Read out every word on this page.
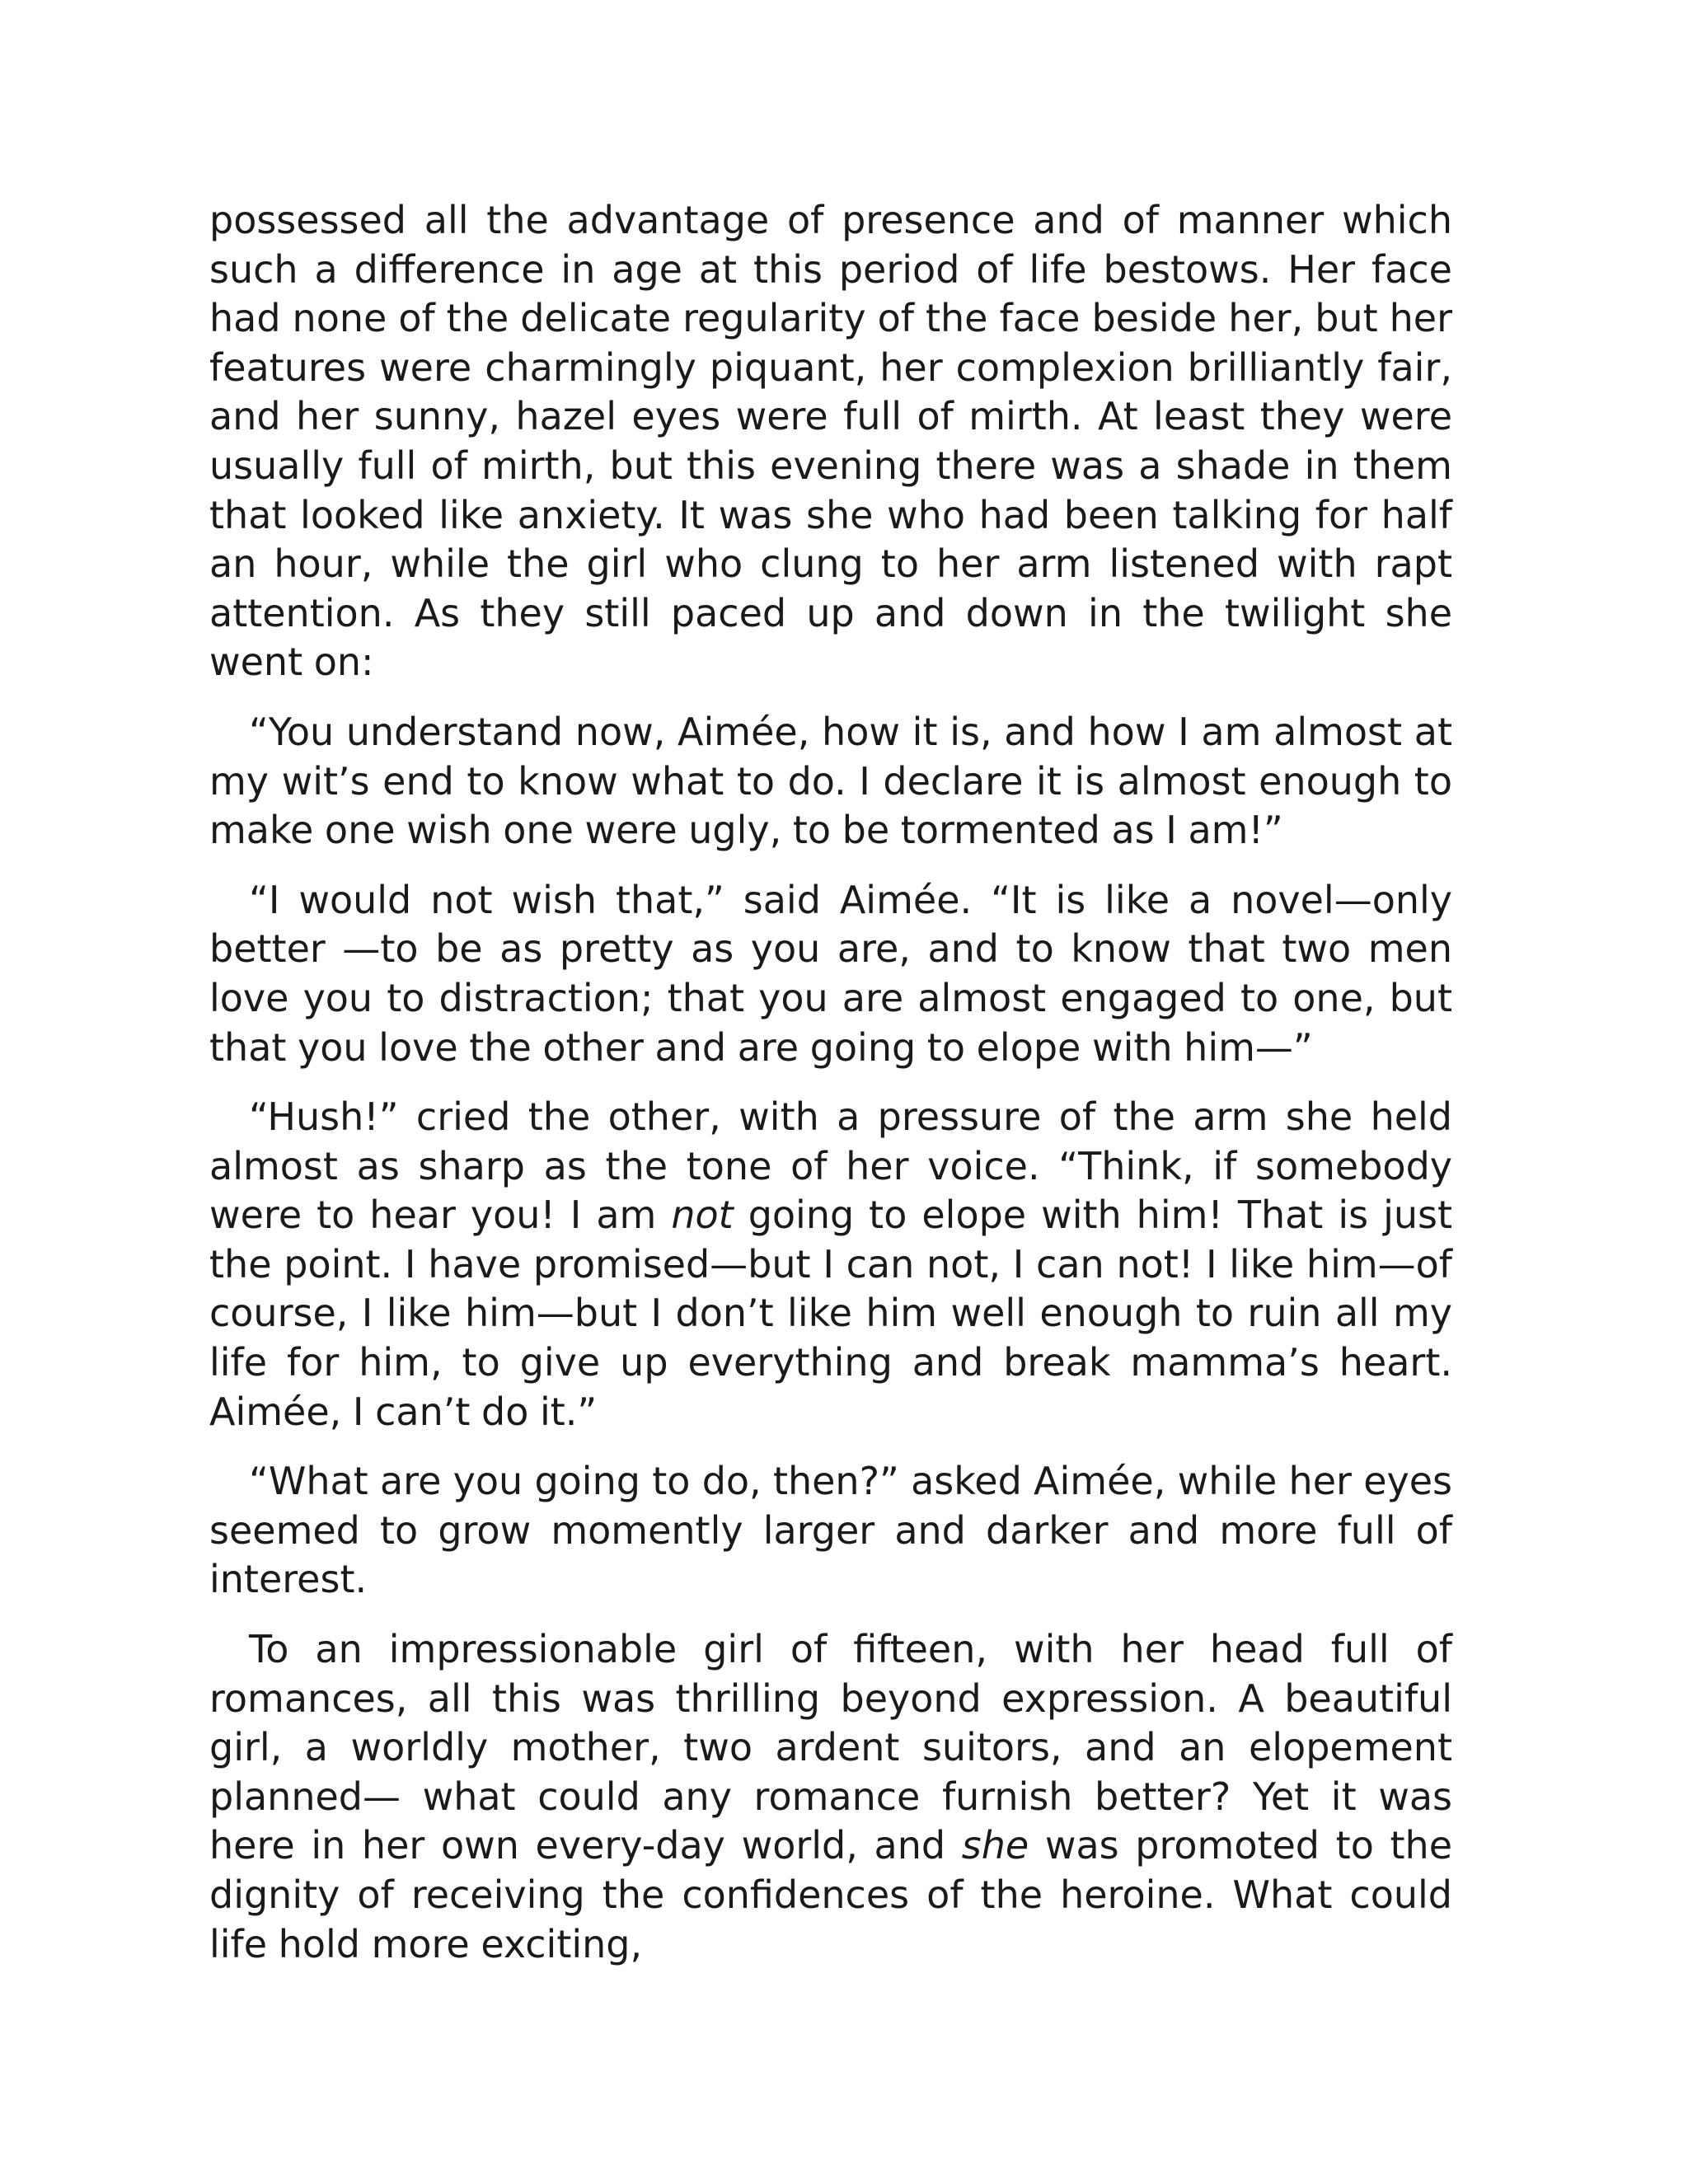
possessed all the advantage of presence and of manner which such a difference in age at this period of life bestows. Her face had none of the delicate regularity of the face beside her, but her features were charmingly piquant, her complexion brilliantly fair, and her sunny, hazel eyes were full of mirth. At least they were usually full of mirth, but this evening there was a shade in them that looked like anxiety. It was she who had been talking for half an hour, while the girl who clung to her arm listened with rapt attention. As they still paced up and down in the twilight she went on:

“You understand now, Aimée, how it is, and how I am almost at my wit’s end to know what to do. I declare it is almost enough to make one wish one were ugly, to be tormented as I am!”

“I would not wish that,” said Aimée. “It is like a novel—only better —to be as pretty as you are, and to know that two men love you to distraction; that you are almost engaged to one, but that you love the other and are going to elope with him—”

“Hush!” cried the other, with a pressure of the arm she held almost as sharp as the tone of her voice. “Think, if somebody were to hear you! I am not going to elope with him! That is just the point. I have promised—but I can not, I can not! I like him—of course, I like him—but I don’t like him well enough to ruin all my life for him, to give up everything and break mamma’s heart. Aimée, I can’t do it.”

“What are you going to do, then?” asked Aimée, while her eyes seemed to grow momently larger and darker and more full of interest.

To an impressionable girl of fifteen, with her head full of romances, all this was thrilling beyond expression. A beautiful girl, a worldly mother, two ardent suitors, and an elopement planned— what could any romance furnish better? Yet it was here in her own every-day world, and she was promoted to the dignity of receiving the confidences of the heroine. What could life hold more exciting,
